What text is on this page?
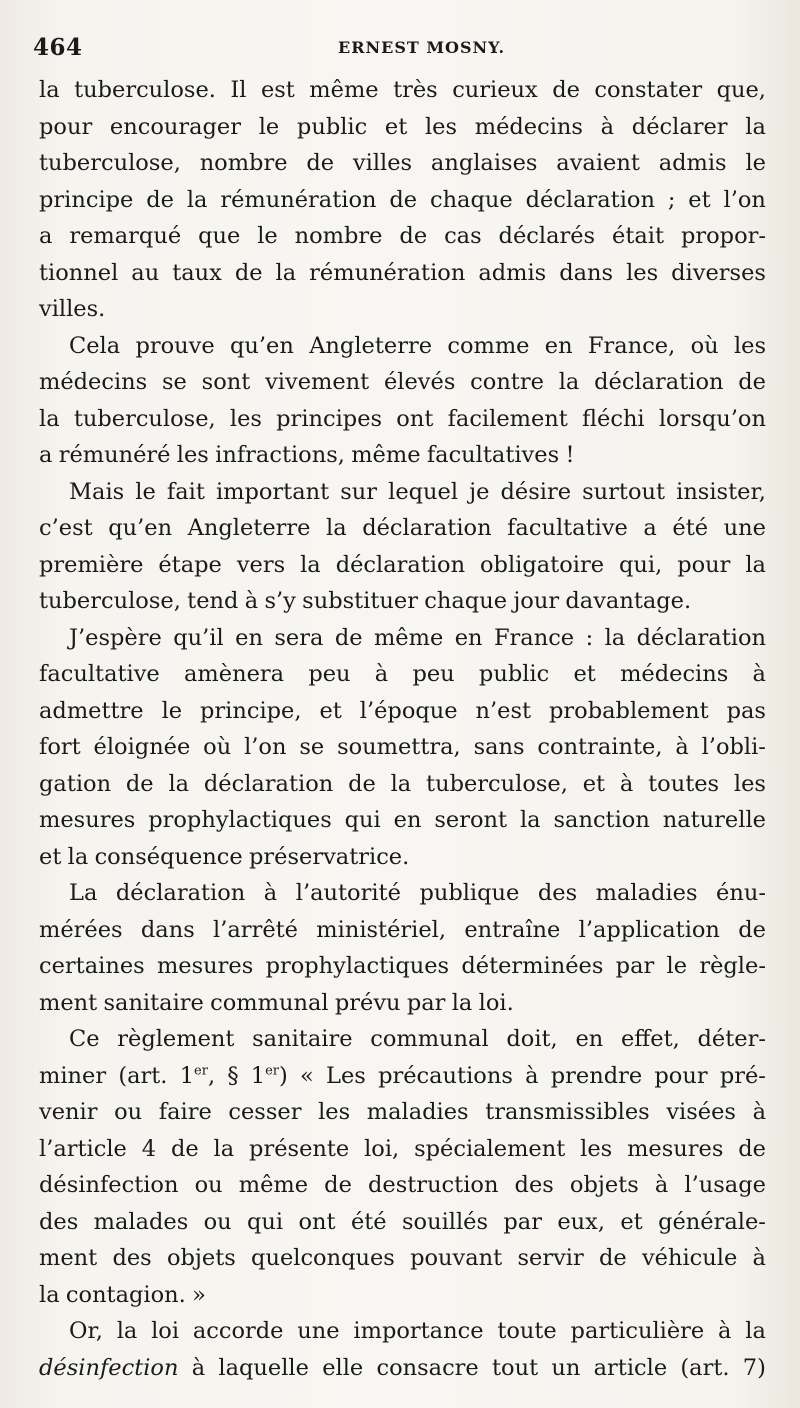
464	ERNEST MOSNY.
la tuberculose. Il est même très curieux de constater que,
pour encourager le public et les médecins à déclarer la
tuberculose, nombre de villes anglaises avaient admis le
principe de la rémunération de chaque déclaration ; et l’on
a remarqué que le nombre de cas déclarés était propor-
tionnel au taux de la rémunération admis dans les diverses
villes.
Cela prouve qu’en Angleterre comme en France, où les
médecins se sont vivement élevés contre la déclaration de
la tuberculose, les principes ont facilement fléchi lorsqu’on
a rémunéré les infractions, même facultatives !
Mais le fait important sur lequel je désire surtout insister,
c’est qu’en Angleterre la déclaration facultative a été une
première étape vers la déclaration obligatoire qui, pour la
tuberculose, tend à s’y substituer chaque jour davantage.
J’espère qu’il en sera de même en France : la déclaration
facultative amènera peu à peu public et médecins à
admettre le principe, et l’époque n’est probablement pas
fort éloignée où l’on se soumettra, sans contrainte, à l’obli-
gation de la déclaration de la tuberculose, et à toutes les
mesures prophylactiques qui en seront la sanction naturelle
et la conséquence préservatrice.
La déclaration à l’autorité publique des maladies énu-
mérées dans l’arrêté ministériel, entraîne l’application de
certaines mesures prophylactiques déterminées par le règle-
ment sanitaire communal prévu par la loi.
Ce règlement sanitaire communal doit, en effet, déter-
miner (art. 1er, § 1er) « Les précautions à prendre pour pré-
venir ou faire cesser les maladies transmissibles visées à
l’article 4 de la présente loi, spécialement les mesures de
désinfection ou même de destruction des objets à l’usage
des malades ou qui ont été souillés par eux, et générale-
ment des objets quelconques pouvant servir de véhicule à
la contagion. »
Or, la loi accorde une importance toute particulière à la
désinfection à laquelle elle consacre tout un article (art. 7)
